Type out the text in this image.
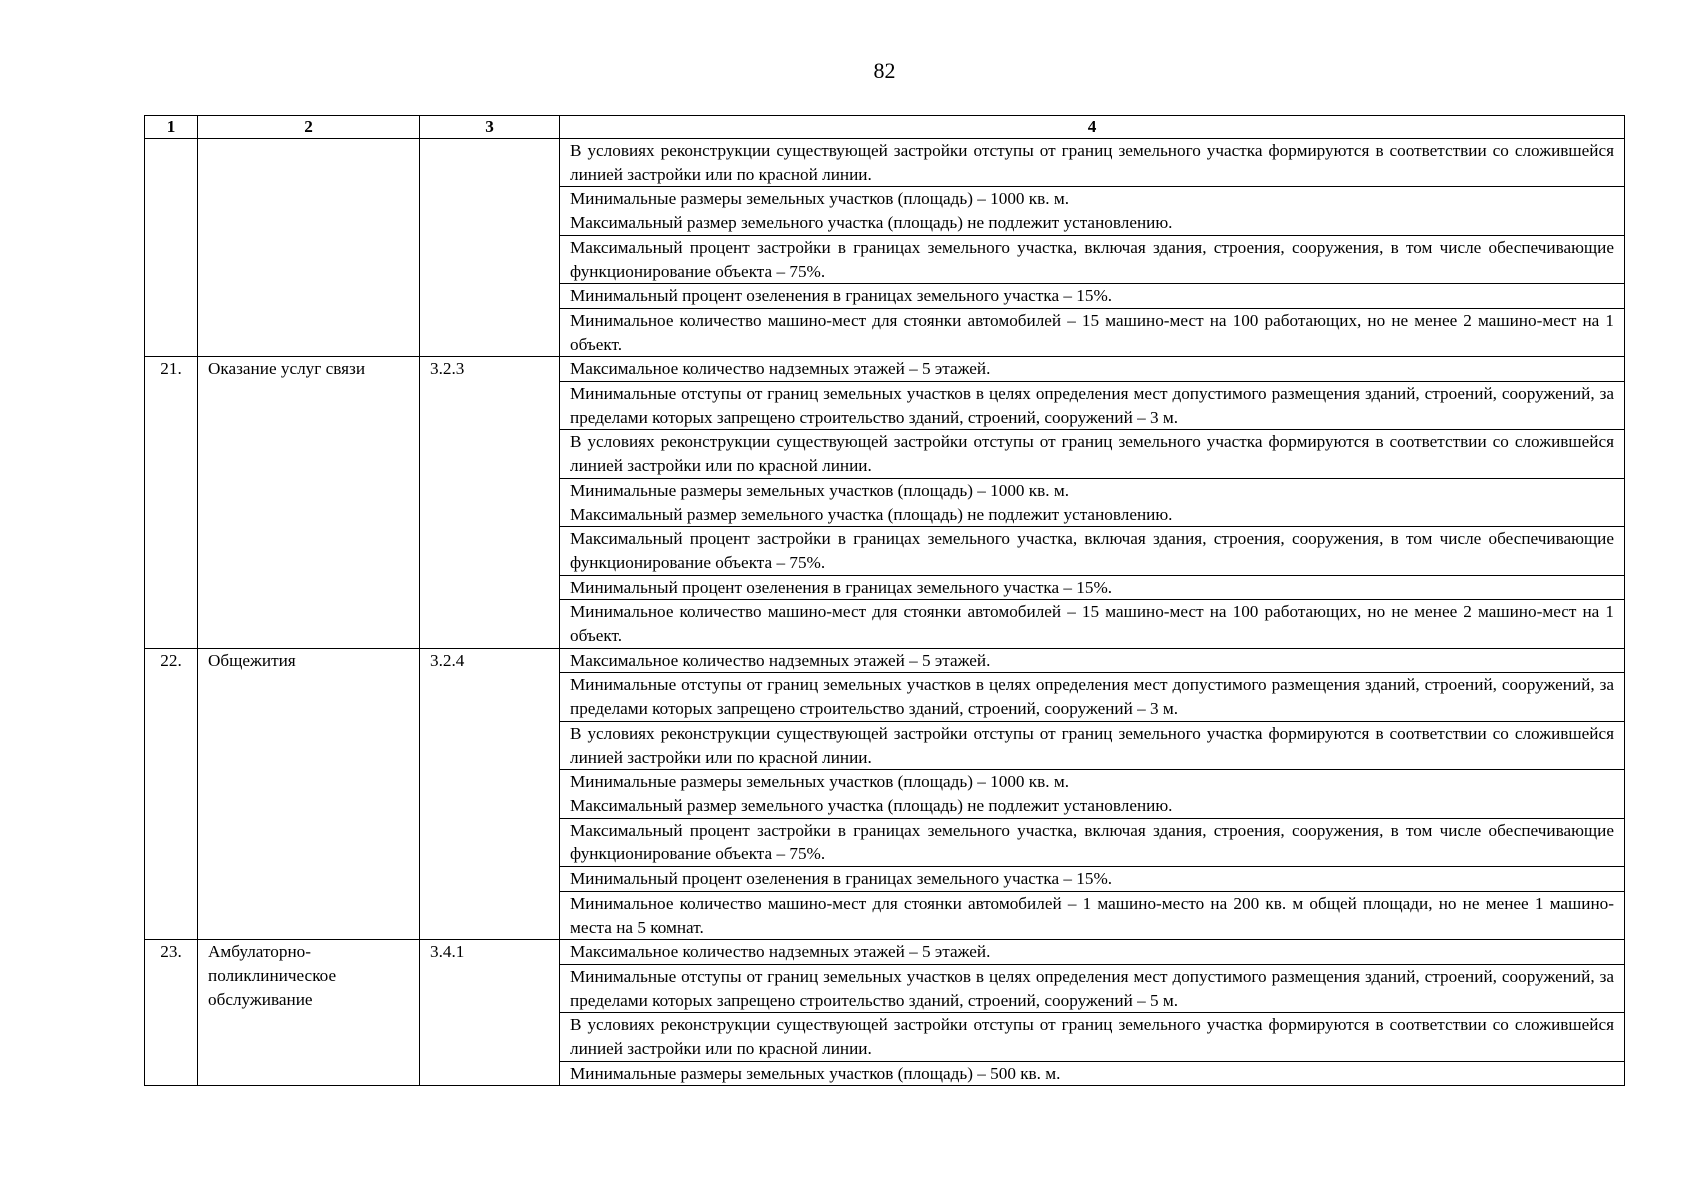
82
1	2	3	4

			В условиях реконструкции существующей застройки отступы от границ земельного участка формируются в соответствии со сложившейся линией застройки или по красной линии.

			Минимальные размеры земельных участков (площадь) – 1000 кв. м.
Максимальный размер земельного участка (площадь) не подлежит установлению.

			Максимальный процент застройки в границах земельного участка, включая здания, строения, сооружения, в том числе обеспечивающие функционирование объекта – 75%.

			Минимальный процент озеленения в границах земельного участка – 15%.

			Минимальное количество машино-мест для стоянки автомобилей – 15 машино-мест на 100 работающих, но не менее 2 машино-мест на 1 объект.

21.	Оказание услуг связи	3.2.3	Максимальное количество надземных этажей – 5 этажей.

			Минимальные отступы от границ земельных участков в целях определения мест допустимого размещения зданий, строений, сооружений, за пределами которых запрещено строительство зданий, строений, сооружений – 3 м.

			В условиях реконструкции существующей застройки отступы от границ земельного участка формируются в соответствии со сложившейся линией застройки или по красной линии.

			Минимальные размеры земельных участков (площадь) – 1000 кв. м.
Максимальный размер земельного участка (площадь) не подлежит установлению.

			Максимальный процент застройки в границах земельного участка, включая здания, строения, сооружения, в том числе обеспечивающие функционирование объекта – 75%.

			Минимальный процент озеленения в границах земельного участка – 15%.

			Минимальное количество машино-мест для стоянки автомобилей – 15 машино-мест на 100 работающих, но не менее 2 машино-мест на 1 объект.

22.	Общежития	3.2.4	Максимальное количество надземных этажей – 5 этажей.

			Минимальные отступы от границ земельных участков в целях определения мест допустимого размещения зданий, строений, сооружений, за пределами которых запрещено строительство зданий, строений, сооружений – 3 м.

			В условиях реконструкции существующей застройки отступы от границ земельного участка формируются в соответствии со сложившейся линией застройки или по красной линии.

			Минимальные размеры земельных участков (площадь) – 1000 кв. м.
Максимальный размер земельного участка (площадь) не подлежит установлению.

			Максимальный процент застройки в границах земельного участка, включая здания, строения, сооружения, в том числе обеспечивающие функционирование объекта – 75%.

			Минимальный процент озеленения в границах земельного участка – 15%.

			Минимальное количество машино-мест для стоянки автомобилей – 1 машино-место на 200 кв. м общей площади, но не менее 1 машино-места на 5 комнат.

23.	Амбулаторно-
поликлиническое
обслуживание	3.4.1	Максимальное количество надземных этажей – 5 этажей.

			Минимальные отступы от границ земельных участков в целях определения мест допустимого размещения зданий, строений, сооружений, за пределами которых запрещено строительство зданий, строений, сооружений – 5 м.

			В условиях реконструкции существующей застройки отступы от границ земельного участка формируются в соответствии со сложившейся линией застройки или по красной линии.

			Минимальные размеры земельных участков (площадь) – 500 кв. м.
